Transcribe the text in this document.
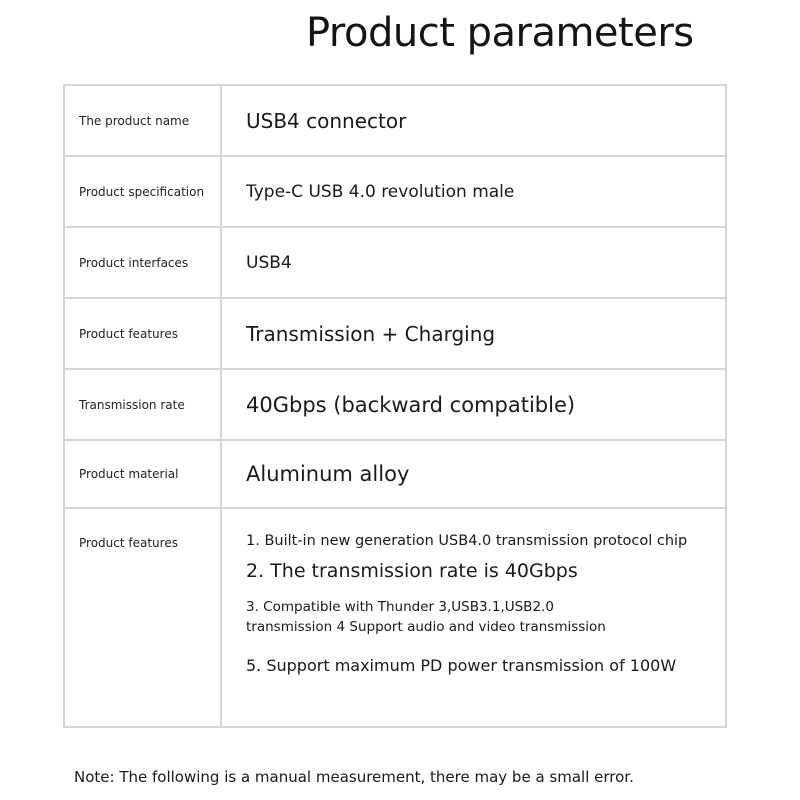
Product parameters
The product name	USB4 connector
Product specification	Type-C USB 4.0 revolution male
Product interfaces	USB4
Product features	Transmission + Charging
Transmission rate	40Gbps (backward compatible)
Product material	Aluminum alloy
Product features	1. Built-in new generation USB4.0 transmission protocol chip
2. The transmission rate is 40Gbps
3. Compatible with Thunder 3,USB3.1,USB2.0
transmission 4 Support audio and video transmission
5. Support maximum PD power transmission of 100W
Note: The following is a manual measurement, there may be a small error.
